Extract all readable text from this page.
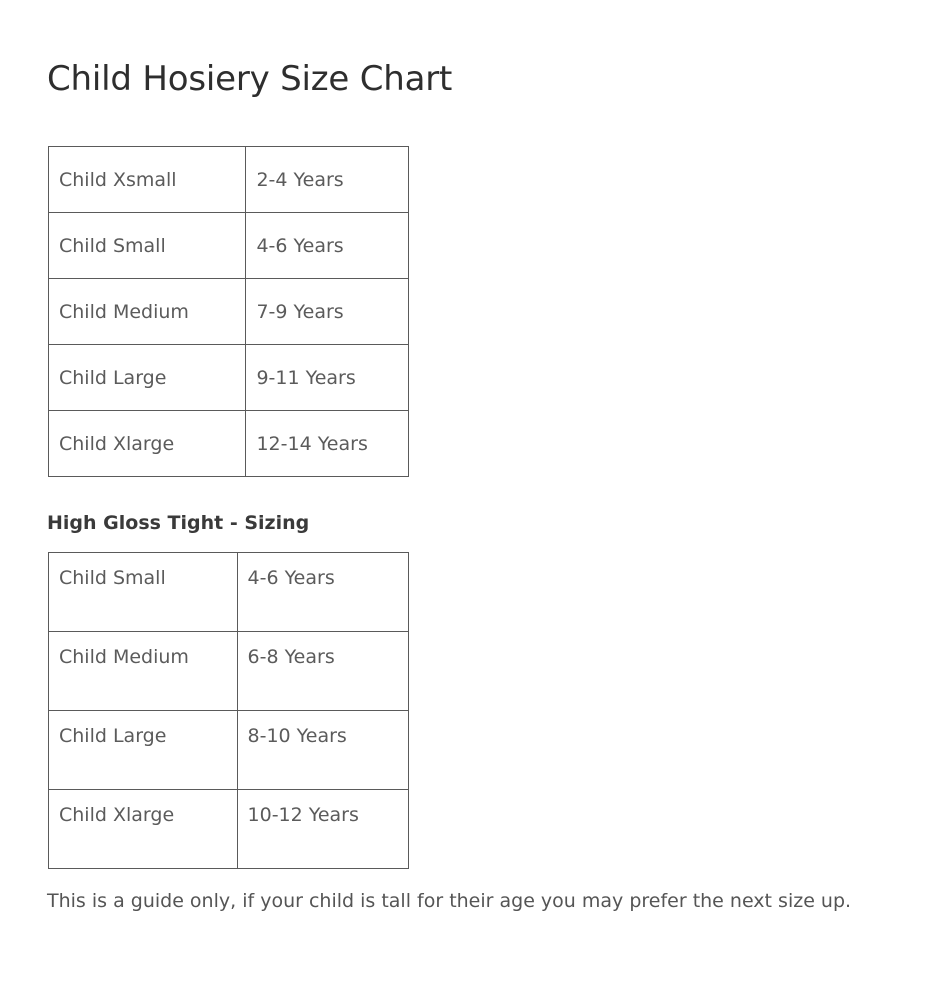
Child Hosiery Size Chart
Child Xsmall	2-4 Years
Child Small	4-6 Years
Child Medium	7-9 Years
Child Large	9-11 Years
Child Xlarge	12-14 Years
High Gloss Tight - Sizing
Child Small	4-6 Years
Child Medium	6-8 Years
Child Large	8-10 Years
Child Xlarge	10-12 Years

This is a guide only, if your child is tall for their age you may prefer the next size up.
